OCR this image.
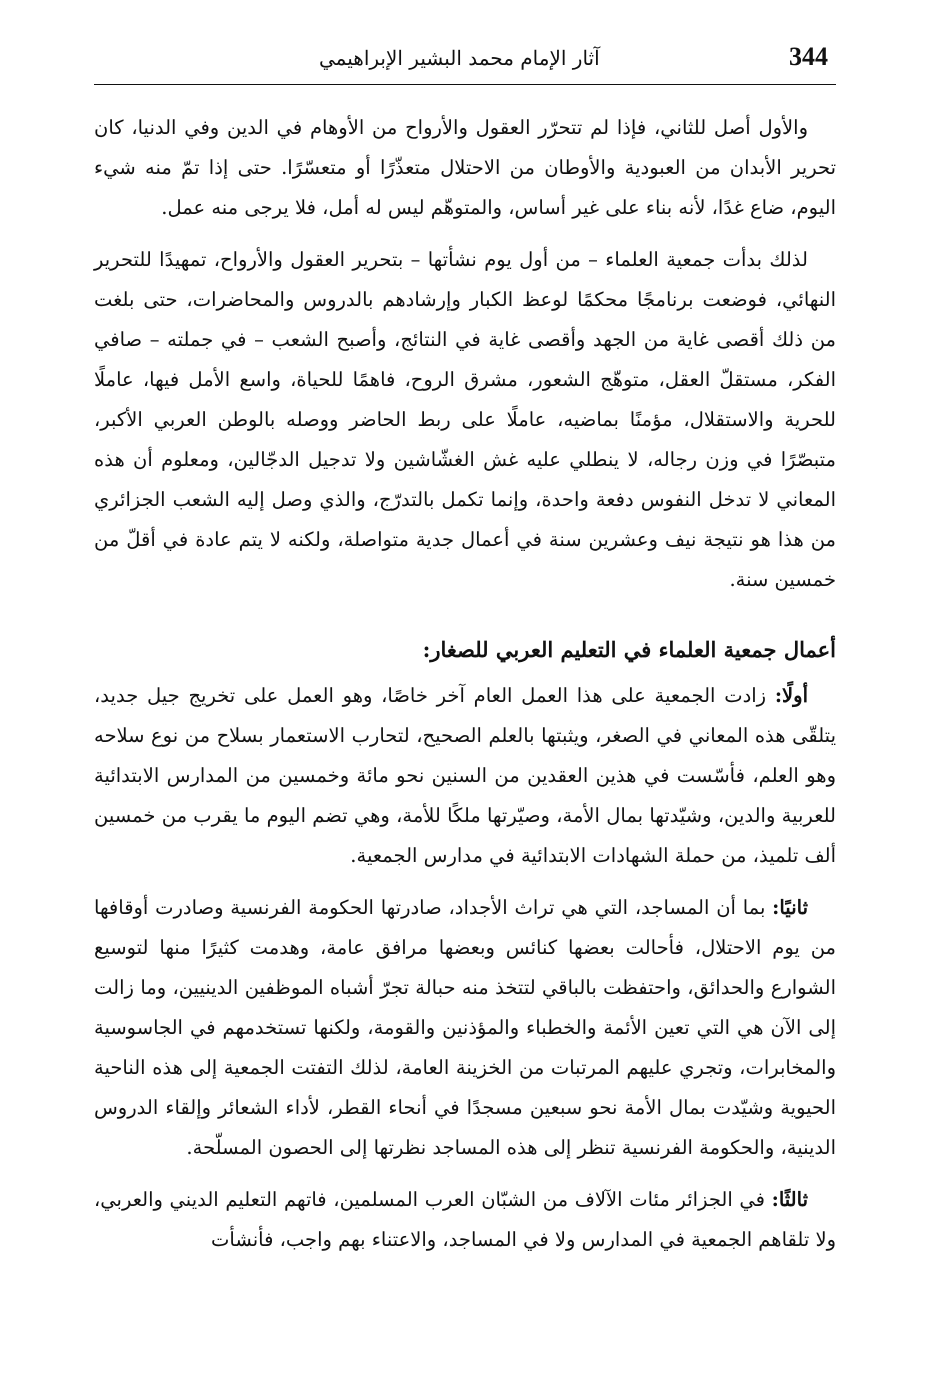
344
آثار الإمام محمد البشير الإبراهيمي

والأول أصل للثاني، فإذا لم تتحرّر العقول والأرواح من الأوهام في الدين وفي الدنيا، كان تحرير الأبدان من العبودية والأوطان من الاحتلال متعذّرًا أو متعسّرًا. حتى إذا تمّ منه شيء اليوم، ضاع غدًا، لأنه بناء على غير أساس، والمتوهّم ليس له أمل، فلا يرجى منه عمل.

لذلك بدأت جمعية العلماء – من أول يوم نشأتها – بتحرير العقول والأرواح، تمهيدًا للتحرير النهائي، فوضعت برنامجًا محكمًا لوعظ الكبار وإرشادهم بالدروس والمحاضرات، حتى بلغت من ذلك أقصى غاية من الجهد وأقصى غاية في النتائج، وأصبح الشعب – في جملته – صافي الفكر، مستقلّ العقل، متوهّج الشعور، مشرق الروح، فاهمًا للحياة، واسع الأمل فيها، عاملًا للحرية والاستقلال، مؤمنًا بماضيه، عاملًا على ربط الحاضر ووصله بالوطن العربي الأكبر، متبصّرًا في وزن رجاله، لا ينطلي عليه غش الغشّاشين ولا تدجيل الدجّالين، ومعلوم أن هذه المعاني لا تدخل النفوس دفعة واحدة، وإنما تكمل بالتدرّج، والذي وصل إليه الشعب الجزائري من هذا هو نتيجة نيف وعشرين سنة في أعمال جدية متواصلة، ولكنه لا يتم عادة في أقلّ من خمسين سنة.

أعمال جمعية العلماء في التعليم العربي للصغار:

أولًا: زادت الجمعية على هذا العمل العام آخر خاصًا، وهو العمل على تخريج جيل جديد، يتلقّى هذه المعاني في الصغر، ويثبتها بالعلم الصحيح، لتحارب الاستعمار بسلاح من نوع سلاحه وهو العلم، فأسّست في هذين العقدين من السنين نحو مائة وخمسين من المدارس الابتدائية للعربية والدين، وشيّدتها بمال الأمة، وصيّرتها ملكًا للأمة، وهي تضم اليوم ما يقرب من خمسين ألف تلميذ، من حملة الشهادات الابتدائية في مدارس الجمعية.

ثانيًا: بما أن المساجد، التي هي تراث الأجداد، صادرتها الحكومة الفرنسية وصادرت أوقافها من يوم الاحتلال، فأحالت بعضها كنائس وبعضها مرافق عامة، وهدمت كثيرًا منها لتوسيع الشوارع والحدائق، واحتفظت بالباقي لتتخذ منه حبالة تجرّ أشباه الموظفين الدينيين، وما زالت إلى الآن هي التي تعين الأئمة والخطباء والمؤذنين والقومة، ولكنها تستخدمهم في الجاسوسية والمخابرات، وتجري عليهم المرتبات من الخزينة العامة، لذلك التفتت الجمعية إلى هذه الناحية الحيوية وشيّدت بمال الأمة نحو سبعين مسجدًا في أنحاء القطر، لأداء الشعائر وإلقاء الدروس الدينية، والحكومة الفرنسية تنظر إلى هذه المساجد نظرتها إلى الحصون المسلّحة.

ثالثًا: في الجزائر مئات الآلاف من الشبّان العرب المسلمين، فاتهم التعليم الديني والعربي، ولا تلقاهم الجمعية في المدارس ولا في المساجد، والاعتناء بهم واجب، فأنشأت
